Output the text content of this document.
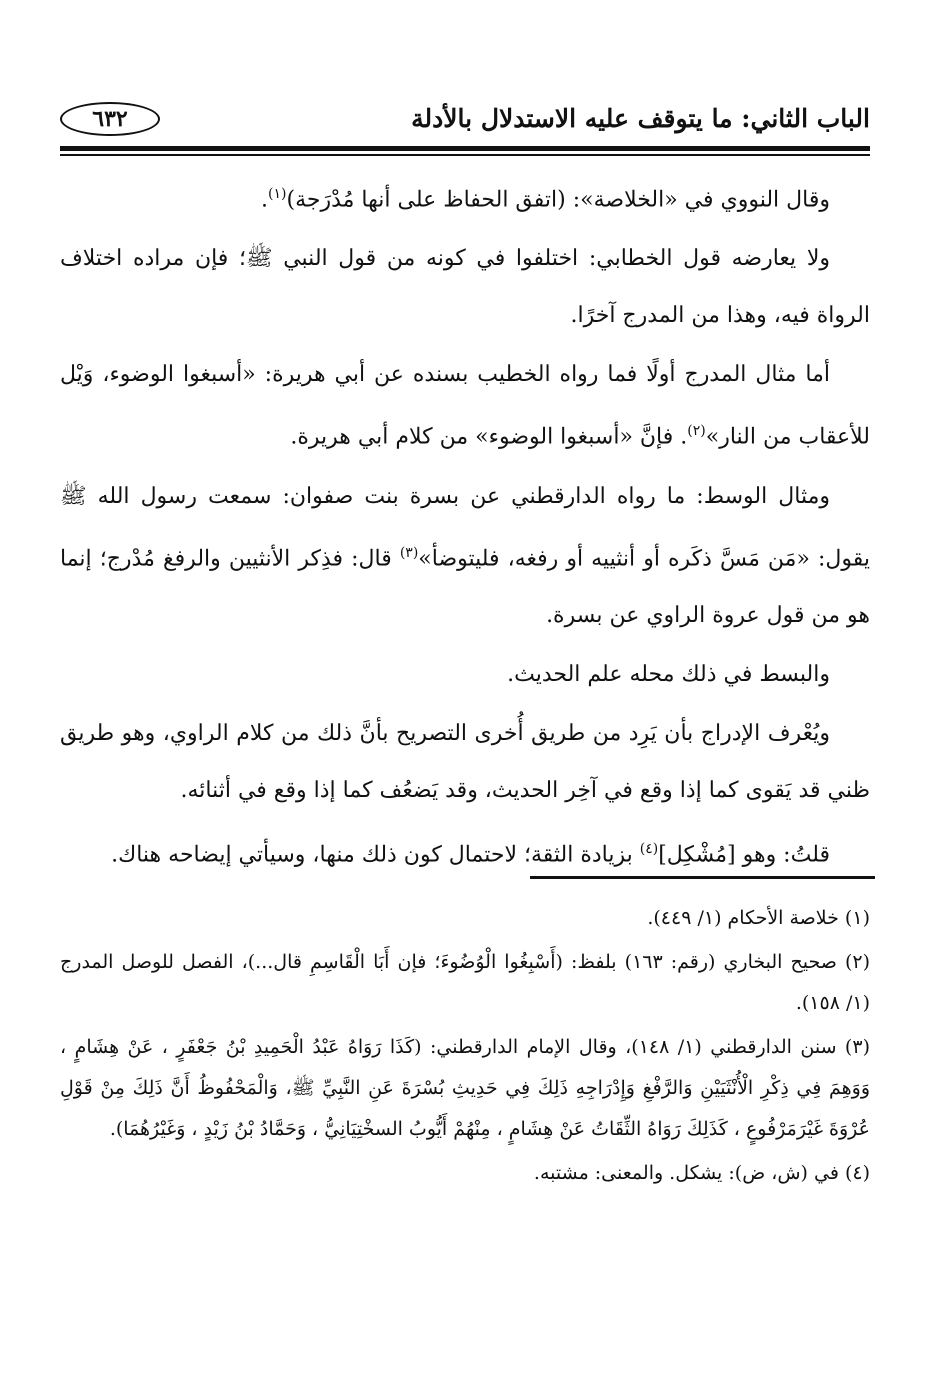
الباب الثاني: ما يتوقف عليه الاستدلال بالأدلة
٦٣٢

وقال النووي في «الخلاصة»: (اتفق الحفاظ على أنها مُدْرَجة)$^{(١)}$.

ولا يعارضه قول الخطابي: اختلفوا في كونه من قول النبي ﷺ؛ فإن مراده اختلاف الرواة فيه، وهذا من المدرج آخرًا.

أما مثال المدرج أولًا فما رواه الخطيب بسنده عن أبي هريرة: «أسبغوا الوضوء، وَيْل للأعقاب من النار»$^{(٢)}$. فإنَّ «أسبغوا الوضوء» من كلام أبي هريرة.

ومثال الوسط: ما رواه الدارقطني عن بسرة بنت صفوان: سمعت رسول الله ﷺ يقول: «مَن مَسَّ ذكَره أو أنثييه أو رفغه، فليتوضأ»$^{(٣)}$ قال: فذِكر الأنثيين والرفغ مُدْرج؛ إنما هو من قول عروة الراوي عن بسرة.

والبسط في ذلك محله علم الحديث.

ويُعْرف الإدراج بأن يَرِد من طريق أُخرى التصريح بأنَّ ذلك من كلام الراوي، وهو طريق ظني قد يَقوى كما إذا وقع في آخِر الحديث، وقد يَضعُف كما إذا وقع في أثنائه.

قلتُ: وهو [مُشْكِل]$^{(٤)}$ بزيادة الثقة؛ لاحتمال كون ذلك منها، وسيأتي إيضاحه هناك.

(١) خلاصة الأحكام (١/ ٤٤٩).

(٢) صحيح البخاري (رقم: ١٦٣) بلفظ: (أَسْبِغُوا الْوُضُوءَ؛ فإن أَبَا الْقَاسِمِ قال...)، الفصل للوصل المدرج (١/ ١٥٨).

(٣) سنن الدارقطني (١/ ١٤٨)، وقال الإمام الدارقطني: (كَذَا رَوَاهُ عَبْدُ الْحَمِيدِ بْنُ جَعْفَرٍ ، عَنْ هِشَامٍ ، وَوَهِمَ فِي ذِكْرِ الْأُنْثَيَيْنِ وَالرَّفْغِ وَإِدْرَاجِهِ ذَلِكَ فِي حَدِيثِ بُسْرَةَ عَنِ النَّبِيِّ ﷺ، وَالْمَحْفُوظُ أَنَّ ذَلِكَ مِنْ قَوْلِ عُرْوَةَ غَيْرَمَرْفُوعٍ ، كَذَلِكَ رَوَاهُ الثِّقَاتُ عَنْ هِشَامٍ ، مِنْهُمْ أَيُّوبُ السخْتِيَانِيُّ ، وَحَمَّادُ بْنُ زَيْدٍ ، وَغَيْرُهُمَا).

(٤) في (ش، ض): يشكل. والمعنى: مشتبه.
